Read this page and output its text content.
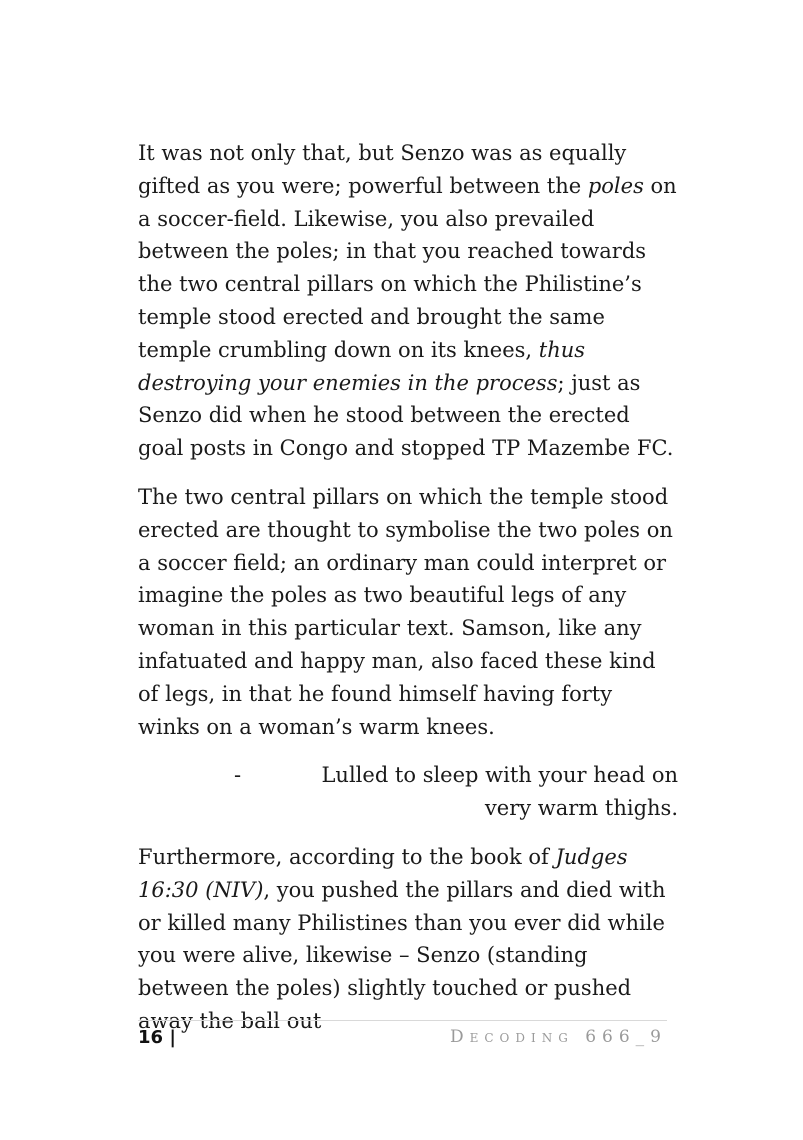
It was not only that, but Senzo was as equally gifted as you were; powerful between the poles on a soccer-field. Likewise, you also prevailed between the poles; in that you reached towards the two central pillars on which the Philistine’s temple stood erected and brought the same temple crumbling down on its knees, thus destroying your enemies in the process; just as Senzo did when he stood between the erected goal posts in Congo and stopped TP Mazembe FC.

The two central pillars on which the temple stood erected are thought to symbolise the two poles on a soccer field; an ordinary man could interpret or imagine the poles as two beautiful legs of any woman in this particular text. Samson, like any infatuated and happy man, also faced these kind of legs, in that he found himself having forty winks on a woman’s warm knees.

-	Lulled to sleep with your head on very warm thighs.

Furthermore, according to the book of Judges 16:30 (NIV), you pushed the pillars and died with or killed many Philistines than you ever did while you were alive, likewise – Senzo (standing between the poles) slightly touched or pushed away the ball out

16 |	Decoding 666_9
